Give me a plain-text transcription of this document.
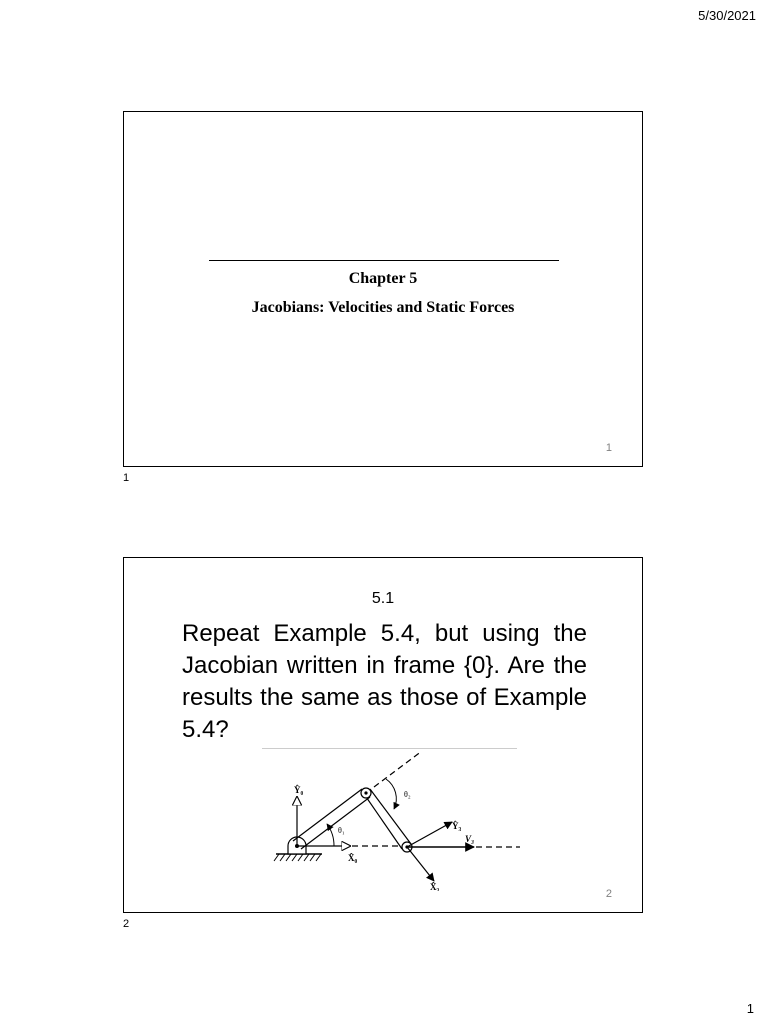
5/30/2021
Chapter 5
Jacobians: Velocities and Static Forces
1
1
5.1
Repeat Example 5.4, but using the Jacobian written in frame {0}. Are the results the same as those of Example 5.4?
Ŷ₀
X̂₀
θ₁
θ₂
Ŷ₃
V₃
X̂₃
2
2
1
